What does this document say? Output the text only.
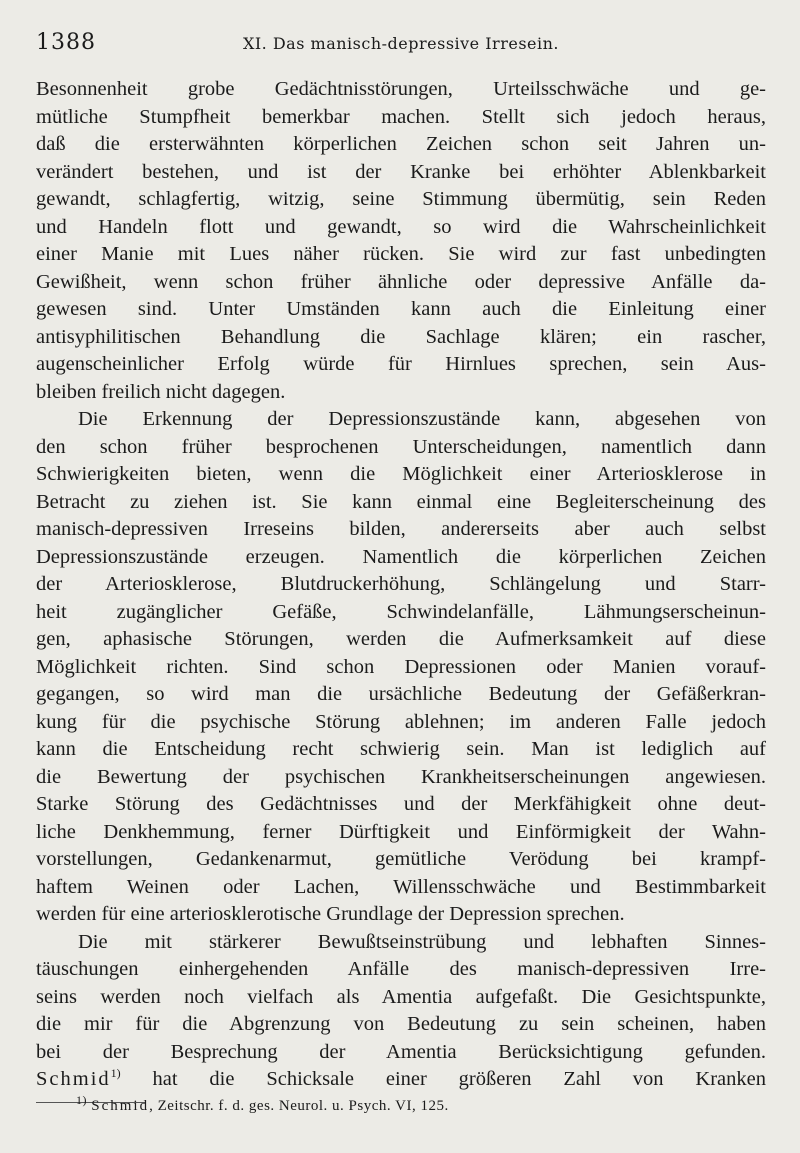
1388	XI. Das manisch-depressive Irresein.
Besonnenheit grobe Gedächtnisstörungen, Urteilsschwäche und ge-
mütliche Stumpfheit bemerkbar machen. Stellt sich jedoch heraus,
daß die ersterwähnten körperlichen Zeichen schon seit Jahren un-
verändert bestehen, und ist der Kranke bei erhöhter Ablenkbarkeit
gewandt, schlagfertig, witzig, seine Stimmung übermütig, sein Reden
und Handeln flott und gewandt, so wird die Wahrscheinlichkeit
einer Manie mit Lues näher rücken. Sie wird zur fast unbedingten
Gewißheit, wenn schon früher ähnliche oder depressive Anfälle da-
gewesen sind. Unter Umständen kann auch die Einleitung einer
antisyphilitischen Behandlung die Sachlage klären; ein rascher,
augenscheinlicher Erfolg würde für Hirnlues sprechen, sein Aus-
bleiben freilich nicht dagegen.
Die Erkennung der Depressionszustände kann, abgesehen von
den schon früher besprochenen Unterscheidungen, namentlich dann
Schwierigkeiten bieten, wenn die Möglichkeit einer Arteriosklerose in
Betracht zu ziehen ist. Sie kann einmal eine Begleiterscheinung des
manisch-depressiven Irreseins bilden, andererseits aber auch selbst
Depressionszustände erzeugen. Namentlich die körperlichen Zeichen
der Arteriosklerose, Blutdruckerhöhung, Schlängelung und Starr-
heit zugänglicher Gefäße, Schwindelanfälle, Lähmungserscheinun-
gen, aphasische Störungen, werden die Aufmerksamkeit auf diese
Möglichkeit richten. Sind schon Depressionen oder Manien vorauf-
gegangen, so wird man die ursächliche Bedeutung der Gefäßerkran-
kung für die psychische Störung ablehnen; im anderen Falle jedoch
kann die Entscheidung recht schwierig sein. Man ist lediglich auf
die Bewertung der psychischen Krankheitserscheinungen angewiesen.
Starke Störung des Gedächtnisses und der Merkfähigkeit ohne deut-
liche Denkhemmung, ferner Dürftigkeit und Einförmigkeit der Wahn-
vorstellungen, Gedankenarmut, gemütliche Verödung bei krampf-
haftem Weinen oder Lachen, Willensschwäche und Bestimmbarkeit
werden für eine arteriosklerotische Grundlage der Depression sprechen.
Die mit stärkerer Bewußtseinstrübung und lebhaften Sinnes-
täuschungen einhergehenden Anfälle des manisch-depressiven Irre-
seins werden noch vielfach als Amentia aufgefaßt. Die Gesichtspunkte,
die mir für die Abgrenzung von Bedeutung zu sein scheinen, haben
bei der Besprechung der Amentia Berücksichtigung gefunden.
Schmid$^{1)}$ hat die Schicksale einer größeren Zahl von Kranken
$^{1)}$ Schmid, Zeitschr. f. d. ges. Neurol. u. Psych. VI, 125.
